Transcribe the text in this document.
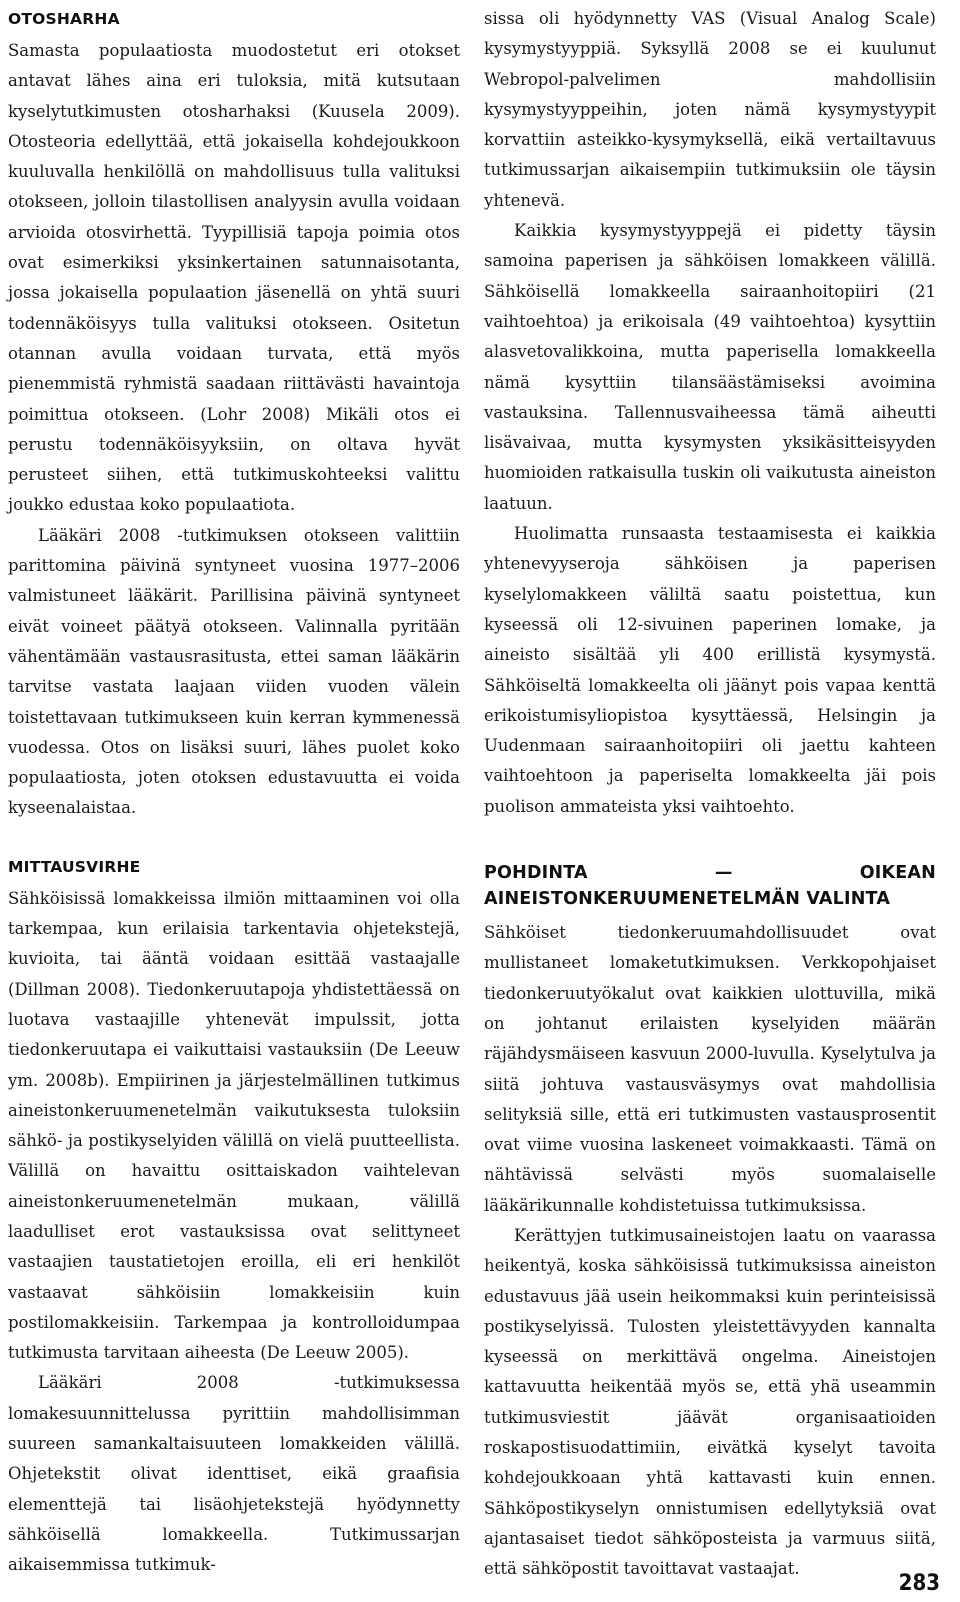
OTOSHARHA

Samasta populaatiosta muodostetut eri otokset antavat lähes aina eri tuloksia, mitä kutsutaan kyselytutkimusten otosharhaksi (Kuusela 2009). Otosteoria edellyttää, että jokaisella kohdejoukkoon kuuluvalla henkilöllä on mahdollisuus tulla valituksi otokseen, jolloin tilastollisen analyysin avulla voidaan arvioida otosvirhettä. Tyypillisiä tapoja poimia otos ovat esimerkiksi yksinkertainen satunnaisotanta, jossa jokaisella populaation jäsenellä on yhtä suuri todennäköisyys tulla valituksi otokseen. Ositetun otannan avulla voidaan turvata, että myös pienemmistä ryhmistä saadaan riittävästi havaintoja poimittua otokseen. (Lohr 2008) Mikäli otos ei perustu todennäköisyyksiin, on oltava hyvät perusteet siihen, että tutkimuskohteeksi valittu joukko edustaa koko populaatiota.

Lääkäri 2008 -tutkimuksen otokseen valittiin parittomina päivinä syntyneet vuosina 1977–2006 valmistuneet lääkärit. Parillisina päivinä syntyneet eivät voineet päätyä otokseen. Valinnalla pyritään vähentämään vastausrasitusta, ettei saman lääkärin tarvitse vastata laajaan viiden vuoden välein toistettavaan tutkimukseen kuin kerran kymmenessä vuodessa. Otos on lisäksi suuri, lähes puolet koko populaatiosta, joten otoksen edustavuutta ei voida kyseenalaistaa.

MITTAUSVIRHE

Sähköisissä lomakkeissa ilmiön mittaaminen voi olla tarkempaa, kun erilaisia tarkentavia ohjetekstejä, kuvioita, tai ääntä voidaan esittää vastaajalle (Dillman 2008). Tiedonkeruutapoja yhdistettäessä on luotava vastaajille yhtenevät impulssit, jotta tiedonkeruutapa ei vaikuttaisi vastauksiin (De Leeuw ym. 2008b). Empiirinen ja järjestelmällinen tutkimus aineistonkeruumenetelmän vaikutuksesta tuloksiin sähkö- ja postikyselyiden välillä on vielä puutteellista. Välillä on havaittu osittaiskadon vaihtelevan aineistonkeruumenetelmän mukaan, välillä laadulliset erot vastauksissa ovat selittyneet vastaajien taustatietojen eroilla, eli eri henkilöt vastaavat sähköisiin lomakkeisiin kuin postilomakkeisiin. Tarkempaa ja kontrolloidumpaa tutkimusta tarvitaan aiheesta (De Leeuw 2005).

Lääkäri 2008 -tutkimuksessa lomakesuunnittelussa pyrittiin mahdollisimman suureen samankaltaisuuteen lomakkeiden välillä. Ohjetekstit olivat identtiset, eikä graafisia elementtejä tai lisäohjetekstejä hyödynnetty sähköisellä lomakkeella. Tutkimussarjan aikaisemmissa tutkimuk-

sissa oli hyödynnetty VAS (Visual Analog Scale) kysymystyyppiä. Syksyllä 2008 se ei kuulunut Webropol-palvelimen mahdollisiin kysymystyyppeihin, joten nämä kysymystyypit korvattiin asteikko-kysymyksellä, eikä vertailtavuus tutkimussarjan aikaisempiin tutkimuksiin ole täysin yhtenevä.

Kaikkia kysymystyyppejä ei pidetty täysin samoina paperisen ja sähköisen lomakkeen välillä. Sähköisellä lomakkeella sairaanhoitopiiri (21 vaihtoehtoa) ja erikoisala (49 vaihtoehtoa) kysyttiin alasvetovalikkoina, mutta paperisella lomakkeella nämä kysyttiin tilansäästämiseksi avoimina vastauksina. Tallennusvaiheessa tämä aiheutti lisävaivaa, mutta kysymysten yksikäsitteisyyden huomioiden ratkaisulla tuskin oli vaikutusta aineiston laatuun.

Huolimatta runsaasta testaamisesta ei kaikkia yhtenevyyseroja sähköisen ja paperisen kyselylomakkeen väliltä saatu poistettua, kun kyseessä oli 12-sivuinen paperinen lomake, ja aineisto sisältää yli 400 erillistä kysymystä. Sähköiseltä lomakkeelta oli jäänyt pois vapaa kenttä erikoistumisyliopistoa kysyttäessä, Helsingin ja Uudenmaan sairaanhoitopiiri oli jaettu kahteen vaihtoehtoon ja paperiselta lomakkeelta jäi pois puolison ammateista yksi vaihtoehto.

POHDINTA — OIKEAN AINEISTONKERUUMENETELMÄN VALINTA

Sähköiset tiedonkeruumahdollisuudet ovat mullistaneet lomaketutkimuksen. Verkkopohjaiset tiedonkeruutyökalut ovat kaikkien ulottuvilla, mikä on johtanut erilaisten kyselyiden määrän räjähdysmäiseen kasvuun 2000-luvulla. Kyselytulva ja siitä johtuva vastausväsymys ovat mahdollisia selityksiä sille, että eri tutkimusten vastausprosentit ovat viime vuosina laskeneet voimakkaasti. Tämä on nähtävissä selvästi myös suomalaiselle lääkärikunnalle kohdistetuissa tutkimuksissa.

Kerättyjen tutkimusaineistojen laatu on vaarassa heikentyä, koska sähköisissä tutkimuksissa aineiston edustavuus jää usein heikommaksi kuin perinteisissä postikyselyissä. Tulosten yleistettävyyden kannalta kyseessä on merkittävä ongelma. Aineistojen kattavuutta heikentää myös se, että yhä useammin tutkimusviestit jäävät organisaatioiden roskapostisuodattimiin, eivätkä kyselyt tavoita kohdejoukkoaan yhtä kattavasti kuin ennen. Sähköpostikyselyn onnistumisen edellytyksiä ovat ajantasaiset tiedot sähköposteista ja varmuus siitä, että sähköpostit tavoittavat vastaajat.

283
